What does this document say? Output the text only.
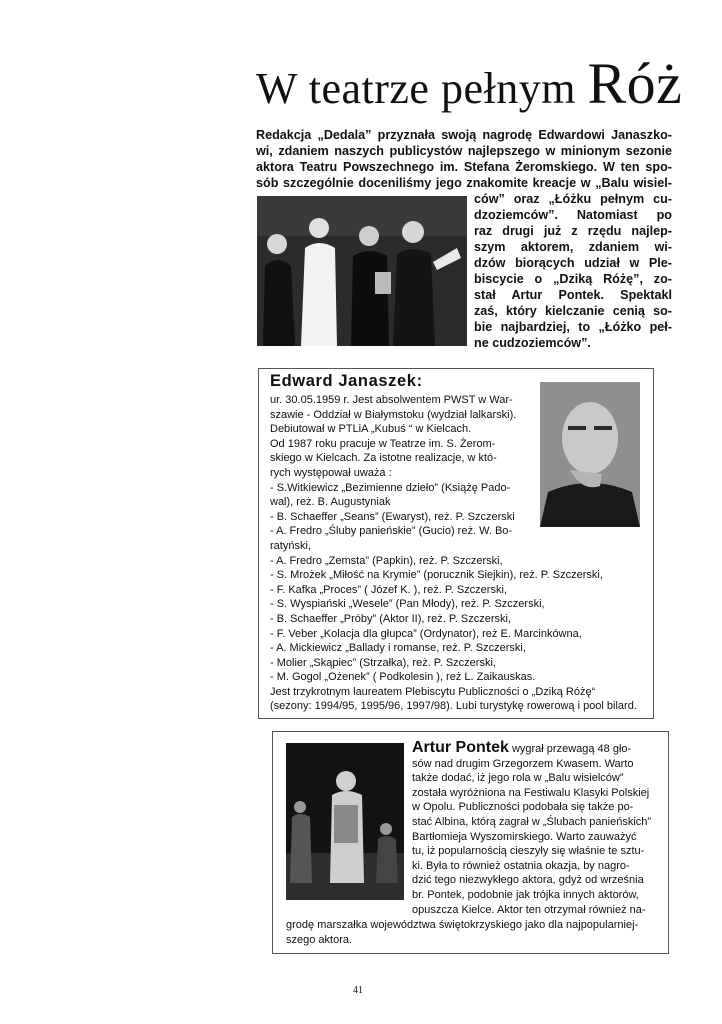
W teatrze pełnym Róż

Redakcja „Dedala” przyznała swoją nagrodę Edwardowi Janaszko-

wi, zdaniem naszych publicystów najlepszego w minionym sezonie

aktora Teatru Powszechnego im. Stefana Żeromskiego. W ten spo-

sób szczególnie doceniliśmy jego znakomite kreacje w „Balu wisiel-

ców” oraz „Łóżku pełnym cu-

dzoziemców”. Natomiast po

raz drugi już z rzędu najlep-

szym aktorem, zdaniem wi-

dzów biorących udział w Ple-

biscycie o „Dziką Różę”, zo-

stał Artur Pontek. Spektakl

zaś, który kielczanie cenią so-

bie najbardziej, to „Łóżko peł-

ne cudzoziemców”.

Edward Janaszek:

ur. 30.05.1959 r. Jest absolwentem PWST w War-

szawie - Oddział w Białymstoku (wydział lalkarski).

Debiutował w PTLiA „Kubuś “ w Kielcach.

Od 1987 roku pracuje w Teatrze im. S. Żerom-

skiego w Kielcach. Za istotne realizacje, w któ-

rych występował uważa :

- S.Witkiewicz „Bezimienne dzieło” (Książę Pado-

wal), reż. B. Augustyniak

- B. Schaeffer „Seans” (Ewaryst), reż. P. Szczerski

- A. Fredro „Śluby panieńskie” (Gucio) reż. W. Bo-

ratyński,

- A. Fredro „Zemsta” (Papkin), reż. P. Szczerski,

- S. Mrożek „Miłość na Krymie” (porucznik Siejkin), reż. P. Szczerski,

- F. Kafka „Proces” ( Józef K. ), reż. P. Szczerski,

- S. Wyspiański „Wesele” (Pan Młody), reż. P. Szczerski,

- B. Schaeffer „Próby” (Aktor II), reż. P. Szczerski,

- F. Veber „Kolacja dla głupca” (Ordynator), reż E. Marcinkówna,

- A. Mickiewicz „Ballady i romanse, reż. P. Szczerski,

- Molier „Skąpiec” (Strzałka), reż. P. Szczerski,

- M. Gogol „Ożenek” ( Podkolesin ), reż L. Zaikauskas.

Jest trzykrotnym laureatem Plebiscytu Publiczności o „Dziką Różę“

(sezony: 1994/95, 1995/96, 1997/98). Lubi turystykę rowerową i pool bilard.

Artur Pontek wygrał przewagą 48 gło-

sów nad drugim Grzegorzem Kwasem. Warto

także dodać, iż jego rola w „Balu wisielców”

została wyróżniona na Festiwalu Klasyki Polskiej

w Opolu. Publiczności podobała się także po-

stać Albina, którą zagrał w „Ślubach panieńskich”

Bartłomieja Wyszomirskiego. Warto zauważyć

tu, iż popularnością cieszyły się właśnie te sztu-

ki. Była to również ostatnia okazja, by nagro-

dzić tego niezwykłego aktora, gdyż od września

br. Pontek, podobnie jak trójka innych aktorów,

opuszcza Kielce. Aktor ten otrzymał również na-

grodę marszałka województwa świętokrzyskiego jako dla najpopularniej-

szego aktora.

41
